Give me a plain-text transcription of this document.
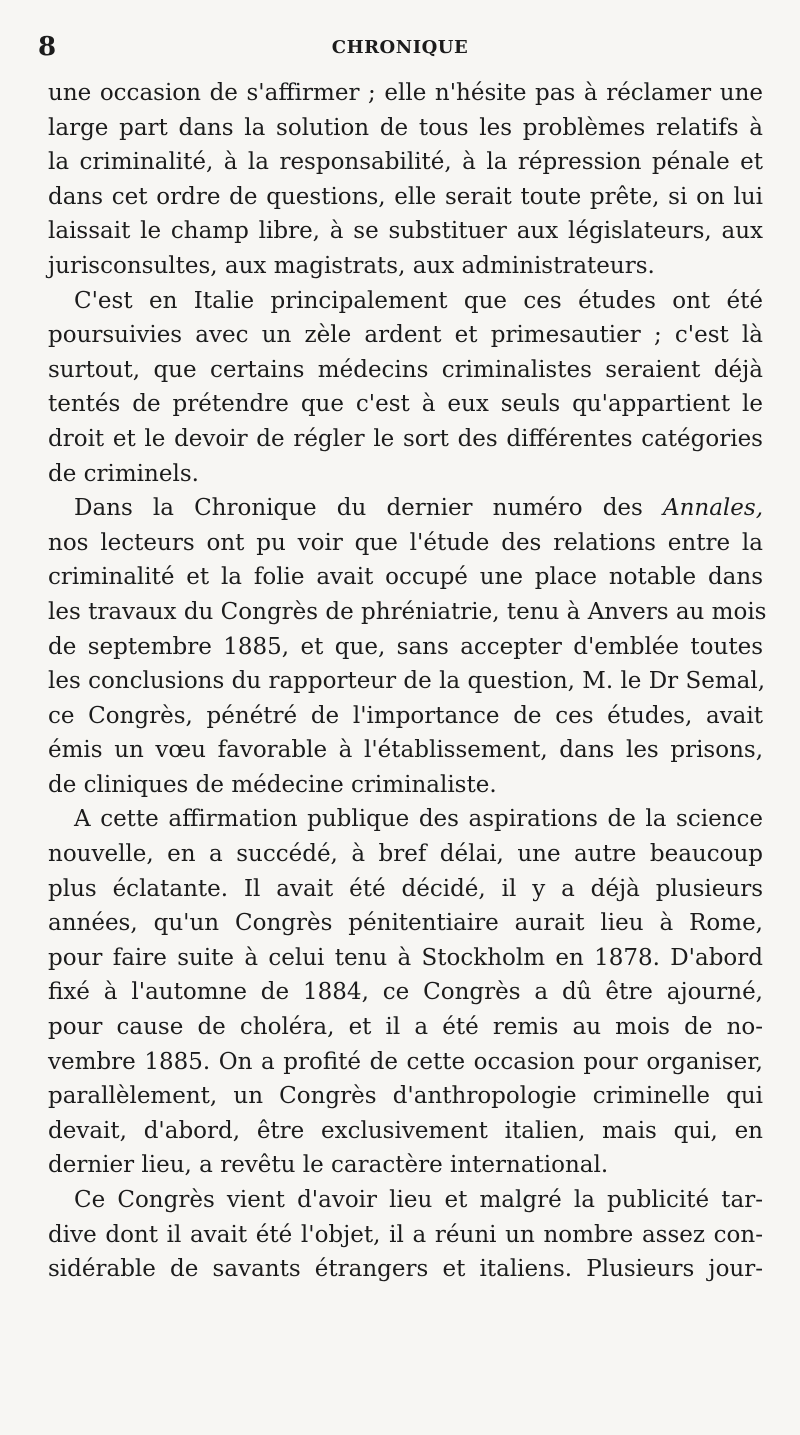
8	CHRONIQUE
une occasion de s'affirmer ; elle n'hésite pas à réclamer une
large part dans la solution de tous les problèmes relatifs à
la criminalité, à la responsabilité, à la répression pénale et
dans cet ordre de questions, elle serait toute prête, si on lui
laissait le champ libre, à se substituer aux législateurs, aux
jurisconsultes, aux magistrats, aux administrateurs.
C'est en Italie principalement que ces études ont été
poursuivies avec un zèle ardent et primesautier ; c'est là
surtout, que certains médecins criminalistes seraient déjà
tentés de prétendre que c'est à eux seuls qu'appartient le
droit et le devoir de régler le sort des différentes catégories
de criminels.
Dans la Chronique du dernier numéro des Annales,
nos lecteurs ont pu voir que l'étude des relations entre la
criminalité et la folie avait occupé une place notable dans
les travaux du Congrès de phréniatrie, tenu à Anvers au mois
de septembre 1885, et que, sans accepter d'emblée toutes
les conclusions du rapporteur de la question, M. le Dr Semal,
ce Congrès, pénétré de l'importance de ces études, avait
émis un vœu favorable à l'établissement, dans les prisons,
de cliniques de médecine criminaliste.
A cette affirmation publique des aspirations de la science
nouvelle, en a succédé, à bref délai, une autre beaucoup
plus éclatante. Il avait été décidé, il y a déjà plusieurs
années, qu'un Congrès pénitentiaire aurait lieu à Rome,
pour faire suite à celui tenu à Stockholm en 1878. D'abord
fixé à l'automne de 1884, ce Congrès a dû être ajourné,
pour cause de choléra, et il a été remis au mois de no-
vembre 1885. On a profité de cette occasion pour organiser,
parallèlement, un Congrès d'anthropologie criminelle qui
devait, d'abord, être exclusivement italien, mais qui, en
dernier lieu, a revêtu le caractère international.
Ce Congrès vient d'avoir lieu et malgré la publicité tar-
dive dont il avait été l'objet, il a réuni un nombre assez con-
sidérable de savants étrangers et italiens. Plusieurs jour-
